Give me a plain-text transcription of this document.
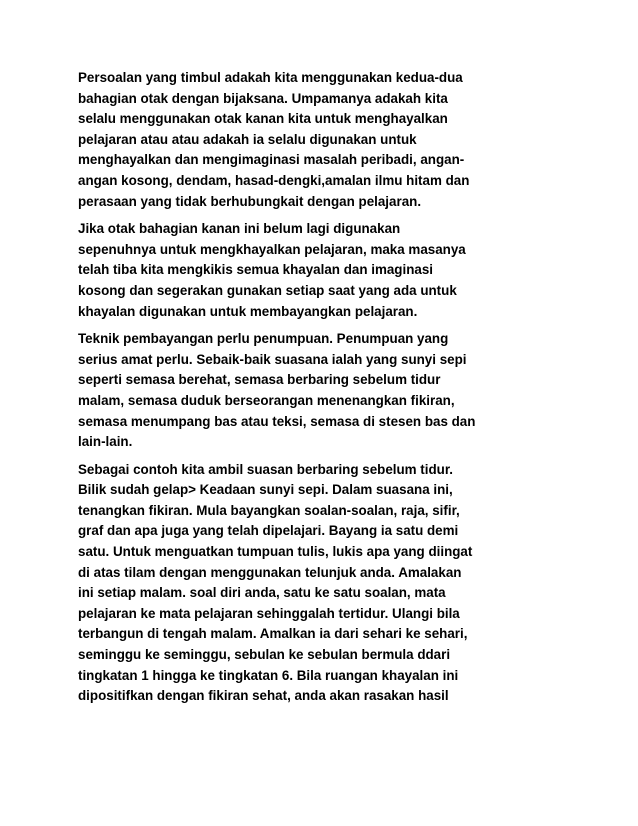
Persoalan yang timbul adakah kita menggunakan kedua-dua
bahagian otak dengan bijaksana. Umpamanya adakah kita
selalu menggunakan otak kanan kita untuk menghayalkan
pelajaran atau atau adakah ia selalu digunakan untuk
menghayalkan dan mengimaginasi masalah peribadi, angan-
angan kosong, dendam, hasad-dengki,amalan ilmu hitam dan
perasaan yang tidak berhubungkait dengan pelajaran.

Jika otak bahagian kanan ini belum lagi digunakan
sepenuhnya untuk mengkhayalkan pelajaran, maka masanya
telah tiba kita mengkikis semua khayalan dan imaginasi
kosong dan segerakan gunakan setiap saat yang ada untuk
khayalan digunakan untuk membayangkan pelajaran.

Teknik pembayangan perlu penumpuan. Penumpuan yang
serius amat perlu. Sebaik-baik suasana ialah yang sunyi sepi
seperti semasa berehat, semasa berbaring sebelum tidur
malam, semasa duduk berseorangan menenangkan fikiran,
semasa menumpang bas atau teksi, semasa di stesen bas dan
lain-lain.

Sebagai contoh kita ambil suasan berbaring sebelum tidur.
Bilik sudah gelap> Keadaan sunyi sepi. Dalam suasana ini,
tenangkan fikiran. Mula bayangkan soalan-soalan, raja, sifir,
graf dan apa juga yang telah dipelajari. Bayang ia satu demi
satu. Untuk menguatkan tumpuan tulis, lukis apa yang diingat
di atas tilam dengan menggunakan telunjuk anda. Amalakan
ini setiap malam. soal diri anda, satu ke satu soalan, mata
pelajaran ke mata pelajaran sehinggalah tertidur. Ulangi bila
terbangun di tengah malam. Amalkan ia dari sehari ke sehari,
seminggu ke seminggu, sebulan ke sebulan bermula ddari
tingkatan 1 hingga ke tingkatan 6. Bila ruangan khayalan ini
dipositifkan dengan fikiran sehat, anda akan rasakan hasil
